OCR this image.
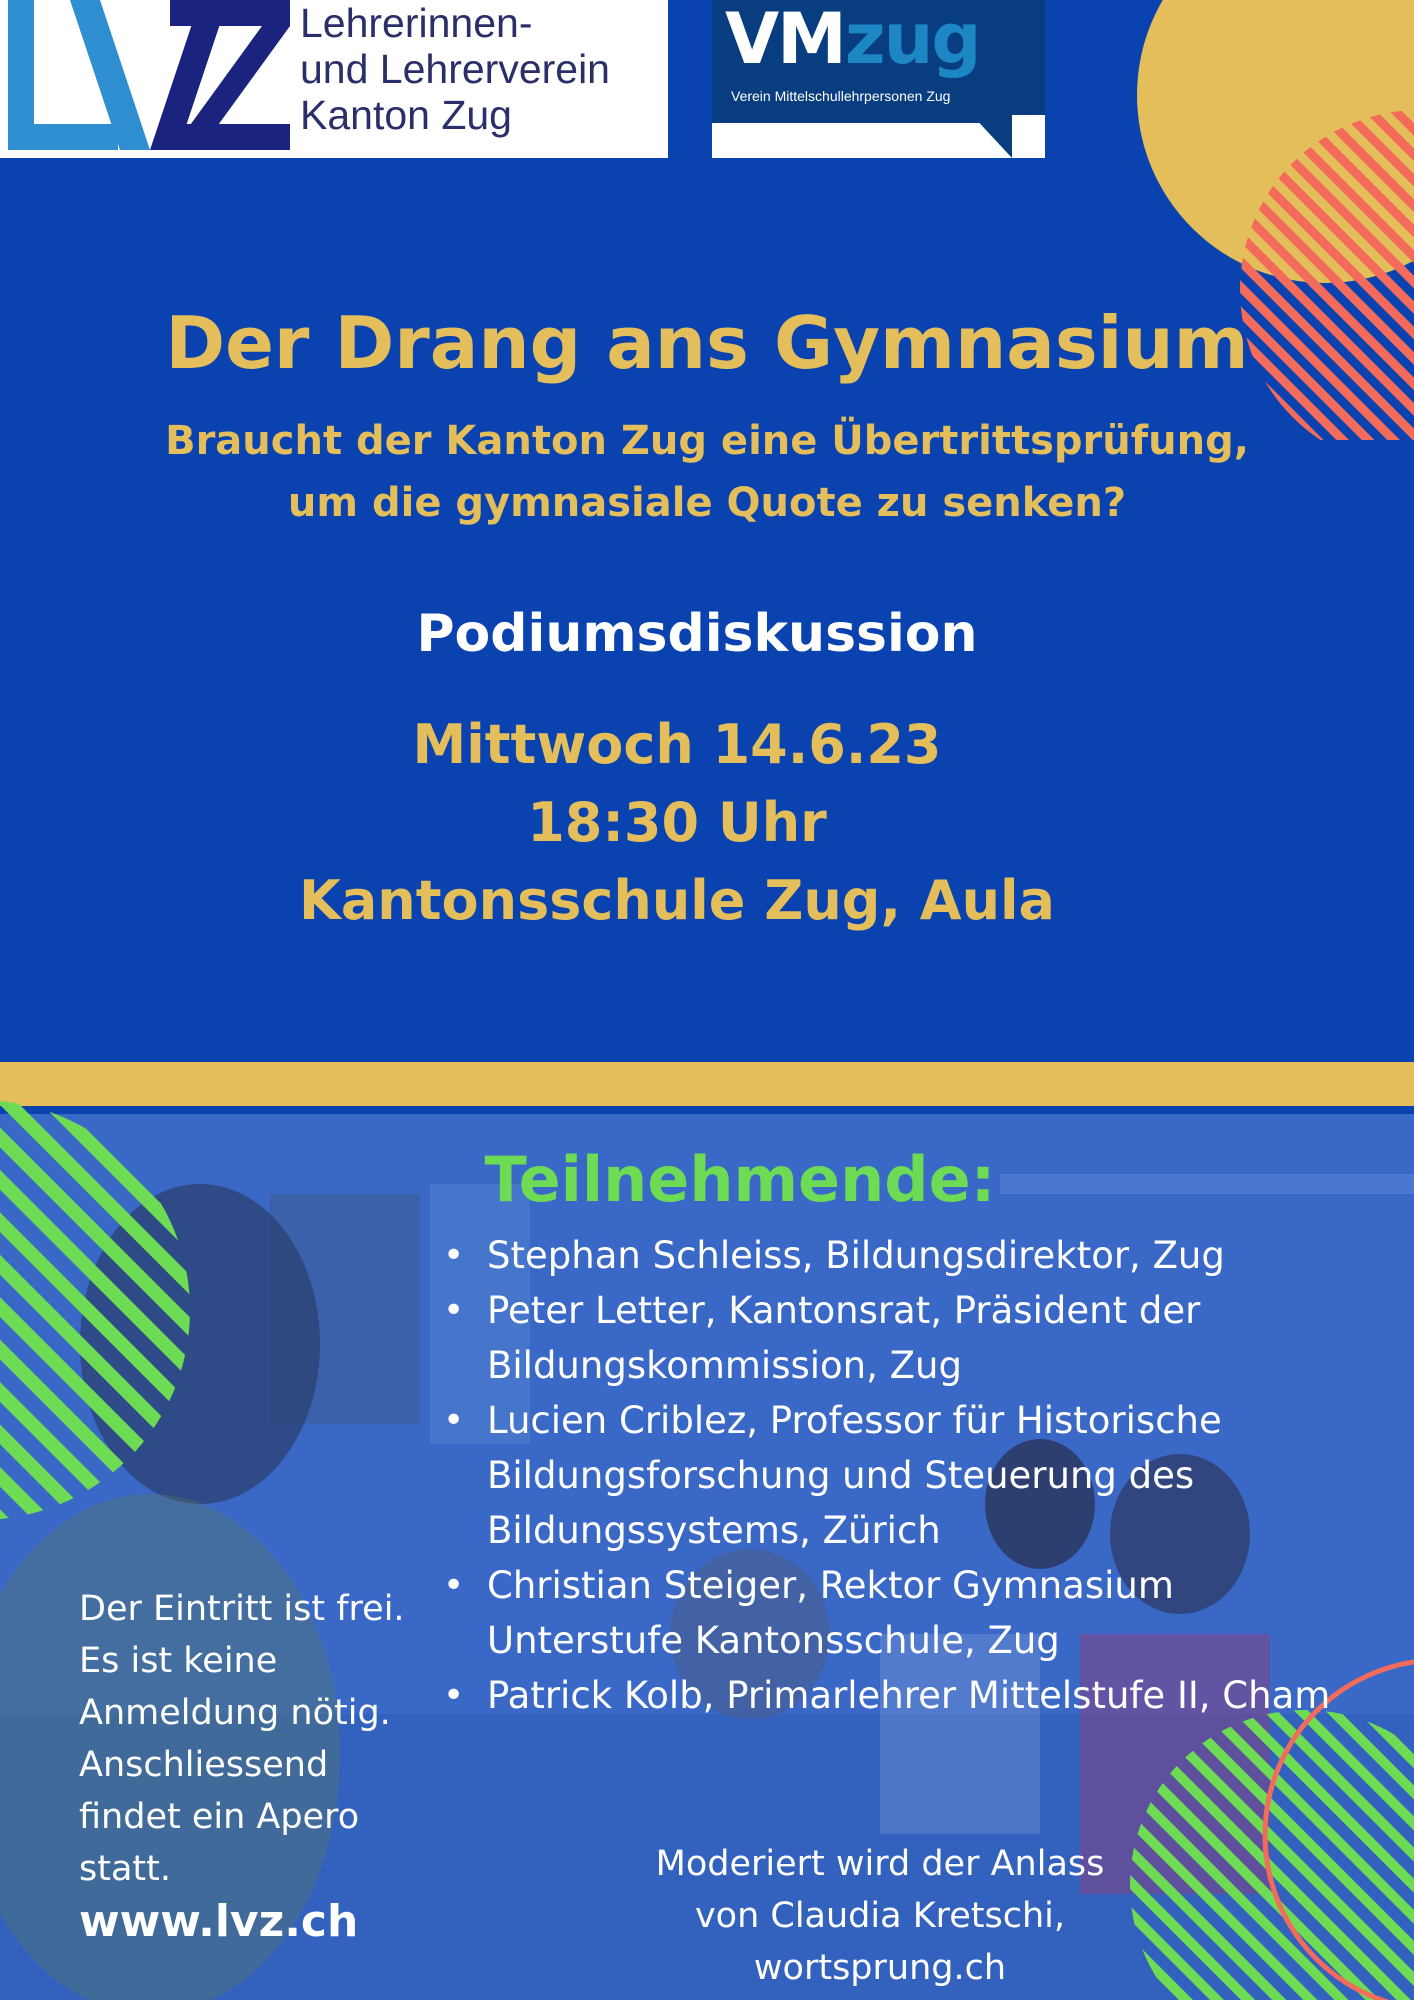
Lehrerinnen-
und Lehrerverein
Kanton Zug
VMzug
Verein Mittelschullehrpersonen Zug
Der Drang ans Gymnasium
Braucht der Kanton Zug eine Übertrittsprüfung,
um die gymnasiale Quote zu senken?
Podiumsdiskussion
Mittwoch 14.6.23
18:30 Uhr
Kantonsschule Zug, Aula
Teilnehmende:
• Stephan Schleiss, Bildungsdirektor, Zug
• Peter Letter, Kantonsrat, Präsident der Bildungskommission, Zug
• Lucien Criblez, Professor für Historische Bildungsforschung und Steuerung des Bildungssystems, Zürich
• Christian Steiger, Rektor Gymnasium Unterstufe Kantonsschule, Zug
• Patrick Kolb, Primarlehrer Mittelstufe II, Cham
Der Eintritt ist frei.
Es ist keine
Anmeldung nötig.
Anschliessend
findet ein Apero
statt.
www.lvz.ch
Moderiert wird der Anlass
von Claudia Kretschi,
wortsprung.ch
